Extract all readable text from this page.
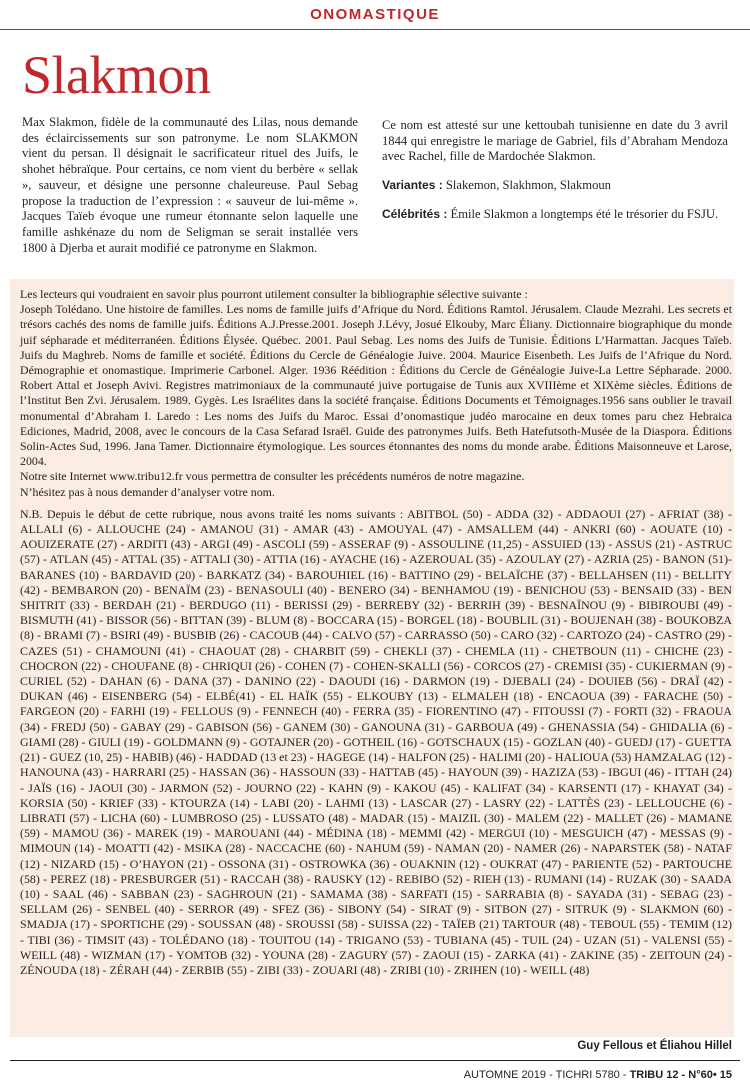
ONOMASTIQUE
Slakmon

Max Slakmon, fidèle de la communauté des Lilas, nous demande des éclaircissements sur son patronyme. Le nom SLAKMON vient du persan. Il désignait le sacrificateur rituel des Juifs, le shohet hébraïque. Pour certains, ce nom vient du berbère « sellak », sauveur, et désigne une personne chaleureuse. Paul Sebag propose la traduction de l’expression : « sauveur de lui-même ». Jacques Taïeb évoque une rumeur étonnante selon laquelle une famille ashkénaze du nom de Seligman se serait installée vers 1800 à Djerba et aurait modifié ce patronyme en Slakmon.

Ce nom est attesté sur une kettoubah tunisienne en date du 3 avril 1844 qui enregistre le mariage de Gabriel, fils d’Abraham Mendoza avec Rachel, fille de Mardochée Slakmon.

Variantes : Slakemon, Slakhmon, Slakmoun

Célébrités : Émile Slakmon a longtemps été le trésorier du FSJU.

Les lecteurs qui voudraient en savoir plus pourront utilement consulter la bibliographie sélective suivante :

Joseph Tolédano. Une histoire de familles. Les noms de famille juifs d’Afrique du Nord. Éditions Ramtol. Jérusalem. Claude Mezrahi. Les secrets et trésors cachés des noms de famille juifs. Éditions A.J.Presse.2001. Joseph J.Lévy, Josué Elkouby, Marc Éliany. Dictionnaire biographique du monde juif sépharade et méditerranéen. Éditions Élysée. Québec. 2001. Paul Sebag. Les noms des Juifs de Tunisie. Éditions L’Harmattan. Jacques Taïeb. Juifs du Maghreb. Noms de famille et société. Éditions du Cercle de Généalogie Juive. 2004. Maurice Eisenbeth. Les Juifs de l’Afrique du Nord. Démographie et onomastique. Imprimerie Carbonel. Alger. 1936 Réédition : Éditions du Cercle de Généalogie Juive-La Lettre Sépharade. 2000. Robert Attal et Joseph Avivi. Registres matrimoniaux de la communauté juive portugaise de Tunis aux XVIIIème et XIXème siècles. Éditions de l’Institut Ben Zvi. Jérusalem. 1989. Gygès. Les Israélites dans la société française. Éditions Documents et Témoignages.1956 sans oublier le travail monumental d’Abraham I. Laredo : Les noms des Juifs du Maroc. Essai d’onomastique judéo marocaine en deux tomes paru chez Hebraica Ediciones, Madrid, 2008, avec le concours de la Casa Sefarad Israël. Guide des patronymes Juifs. Beth Hatefutsoth-Musée de la Diaspora. Éditions Solin-Actes Sud, 1996. Jana Tamer. Dictionnaire étymologique. Les sources étonnantes des noms du monde arabe. Éditions Maisonneuve et Larose, 2004.

Notre site Internet www.tribu12.fr vous permettra de consulter les précédents numéros de notre magazine.

N’hésitez pas à nous demander d’analyser votre nom.

N.B. Depuis le début de cette rubrique, nous avons traité les noms suivants : ABITBOL (50) - ADDA (32) - ADDAOUI (27) - AFRIAT (38) - ALLALI (6) - ALLOUCHE (24) - AMANOU (31) - AMAR (43) - AMOUYAL (47) - AMSALLEM (44) - ANKRI (60) - AOUATE (10) - AOUIZERATE (27) - ARDITI (43) - ARGI (49) - ASCOLI (59) - ASSERAF (9) - ASSOULINE (11,25) - ASSUIED (13) - ASSUS (21) - ASTRUC (57) - ATLAN (45) - ATTAL (35) - ATTALI (30) - ATTIA (16) - AYACHE (16) - AZEROUAL (35) - AZOULAY (27) - AZRIA (25) - BANON (51)-BARANES (10) - BARDAVID (20) - BARKATZ (34) - BAROUHIEL (16) - BATTINO (29) - BELAÏCHE (37) - BELLAHSEN (11) - BELLITY (42) - BEMBARON (20) - BENAÏM (23) - BENASOULI (40) - BENERO (34) - BENHAMOU (19) - BENICHOU (53) - BENSAID (33) - BEN SHITRIT (33) - BERDAH (21) - BERDUGO (11) - BERISSI (29) - BERREBY (32) - BERRIH (39) - BESNAÏNOU (9) - BIBIROUBI (49) - BISMUTH (41) - BISSOR (56) - BITTAN (39) - BLUM (8) - BOCCARA (15) - BORGEL (18) - BOUBLIL (31) - BOUJENAH (38) - BOUKOBZA (8) - BRAMI (7) - BSIRI (49) - BUSBIB (26) - CACOUB (44) - CALVO (57) - CARRASSO (50) - CARO (32) - CARTOZO (24) - CASTRO (29) - CAZES (51) - CHAMOUNI (41) - CHAOUAT (28) - CHARBIT (59) - CHEKLI (37) - CHEMLA (11) - CHETBOUN (11) - CHICHE (23) - CHOCRON (22) - CHOUFANE (8) - CHRIQUI (26) - COHEN (7) - COHEN-SKALLI (56) - CORCOS (27) - CREMISI (35) - CUKIERMAN (9) - CURIEL (52) - DAHAN (6) - DANA (37) - DANINO (22) - DAOUDI (16) - DARMON (19) - DJEBALI (24) - DOUIEB (56) - DRAÏ (42) - DUKAN (46) - EISENBERG (54) - ELBÉ(41) - EL HAÏK (55) - ELKOUBY (13) - ELMALEH (18) - ENCAOUA (39) - FARACHE (50) - FARGEON (20) - FARHI (19) - FELLOUS (9) - FENNECH (40) - FERRA (35) - FIORENTINO (47) - FITOUSSI (7) - FORTI (32) - FRAOUA (34) - FREDJ (50) - GABAY (29) - GABISON (56) - GANEM (30) - GANOUNA (31) - GARBOUA (49) - GHENASSIA (54) - GHIDALIA (6) - GIAMI (28) - GIULI (19) - GOLDMANN (9) - GOTAJNER (20) - GOTHEIL (16) - GOTSCHAUX (15) - GOZLAN (40) - GUEDJ (17) - GUETTA (21) - GUEZ (10, 25) - HABIB) (46) - HADDAD (13 et 23) - HAGEGE (14) - HALFON (25) - HALIMI (20) - HALIOUA (53) HAMZALAG (12) - HANOUNA (43) - HARRARI (25) - HASSAN (36) - HASSOUN (33) - HATTAB (45) - HAYOUN (39) - HAZIZA (53) - IBGUI (46) - ITTAH (24) - JAÏS (16) - JAOUI (30) - JARMON (52) - JOURNO (22) - KAHN (9) - KAKOU (45) - KALIFAT (34) - KARSENTI (17) - KHAYAT (34) - KORSIA (50) - KRIEF (33) - KTOURZA (14) - LABI (20) - LAHMI (13) - LASCAR (27) - LASRY (22) - LATTÈS (23) - LELLOUCHE (6) - LIBRATI (57) - LICHA (60) - LUMBROSO (25) - LUSSATO (48) - MADAR (15) - MAIZIL (30) - MALEM (22) - MALLET (26) - MAMANE (59) - MAMOU (36) - MAREK (19) - MAROUANI (44) - MÉDINA (18) - MEMMI (42) - MERGUI (10) - MESGUICH (47) - MESSAS (9) - MIMOUN (14) - MOATTI (42) - MSIKA (28) - NACCACHE (60) - NAHUM (59) - NAMAN (20) - NAMER (26) - NAPARSTEK (58) - NATAF (12) - NIZARD (15) - O’HAYON (21) - OSSONA (31) - OSTROWKA (36) - OUAKNIN (12) - OUKRAT (47) - PARIENTE (52) - PARTOUCHE (58) - PEREZ (18) - PRESBURGER (51) - RACCAH (38) - RAUSKY (12) - REBIBO (52) - RIEH (13) - RUMANI (14) - RUZAK (30) - SAADA (10) - SAAL (46) - SABBAN (23) - SAGHROUN (21) - SAMAMA (38) - SARFATI (15) - SARRABIA (8) - SAYADA (31) - SEBAG (23) - SELLAM (26) - SENBEL (40) - SERROR (49) - SFEZ (36) - SIBONY (54) - SIRAT (9) - SITBON (27) - SITRUK (9) - SLAKMON (60) - SMADJA (17) - SPORTICHE (29) - SOUSSAN (48) - SROUSSI (58) - SUISSA (22) - TAÏEB (21) TARTOUR (48) - TEBOUL (55) - TEMIM (12) - TIBI (36) - TIMSIT (43) - TOLÉDANO (18) - TOUITOU (14) - TRIGANO (53) - TUBIANA (45) - TUIL (24) - UZAN (51) - VALENSI (55) - WEILL (48) - WIZMAN (17) - YOMTOB (32) - YOUNA (28) - ZAGURY (57) - ZAOUI (15) - ZARKA (41) - ZAKINE (35) - ZEITOUN (24) - ZÉNOUDA (18) - ZÉRAH (44) - ZERBIB (55) - ZIBI (33) - ZOUARI (48) - ZRIBI (10) - ZRIHEN (10) - WEILL (48)

Guy Fellous et Éliahou Hillel
AUTOMNE 2019 - TICHRI 5780 - TRIBU 12 - N°60• 15
